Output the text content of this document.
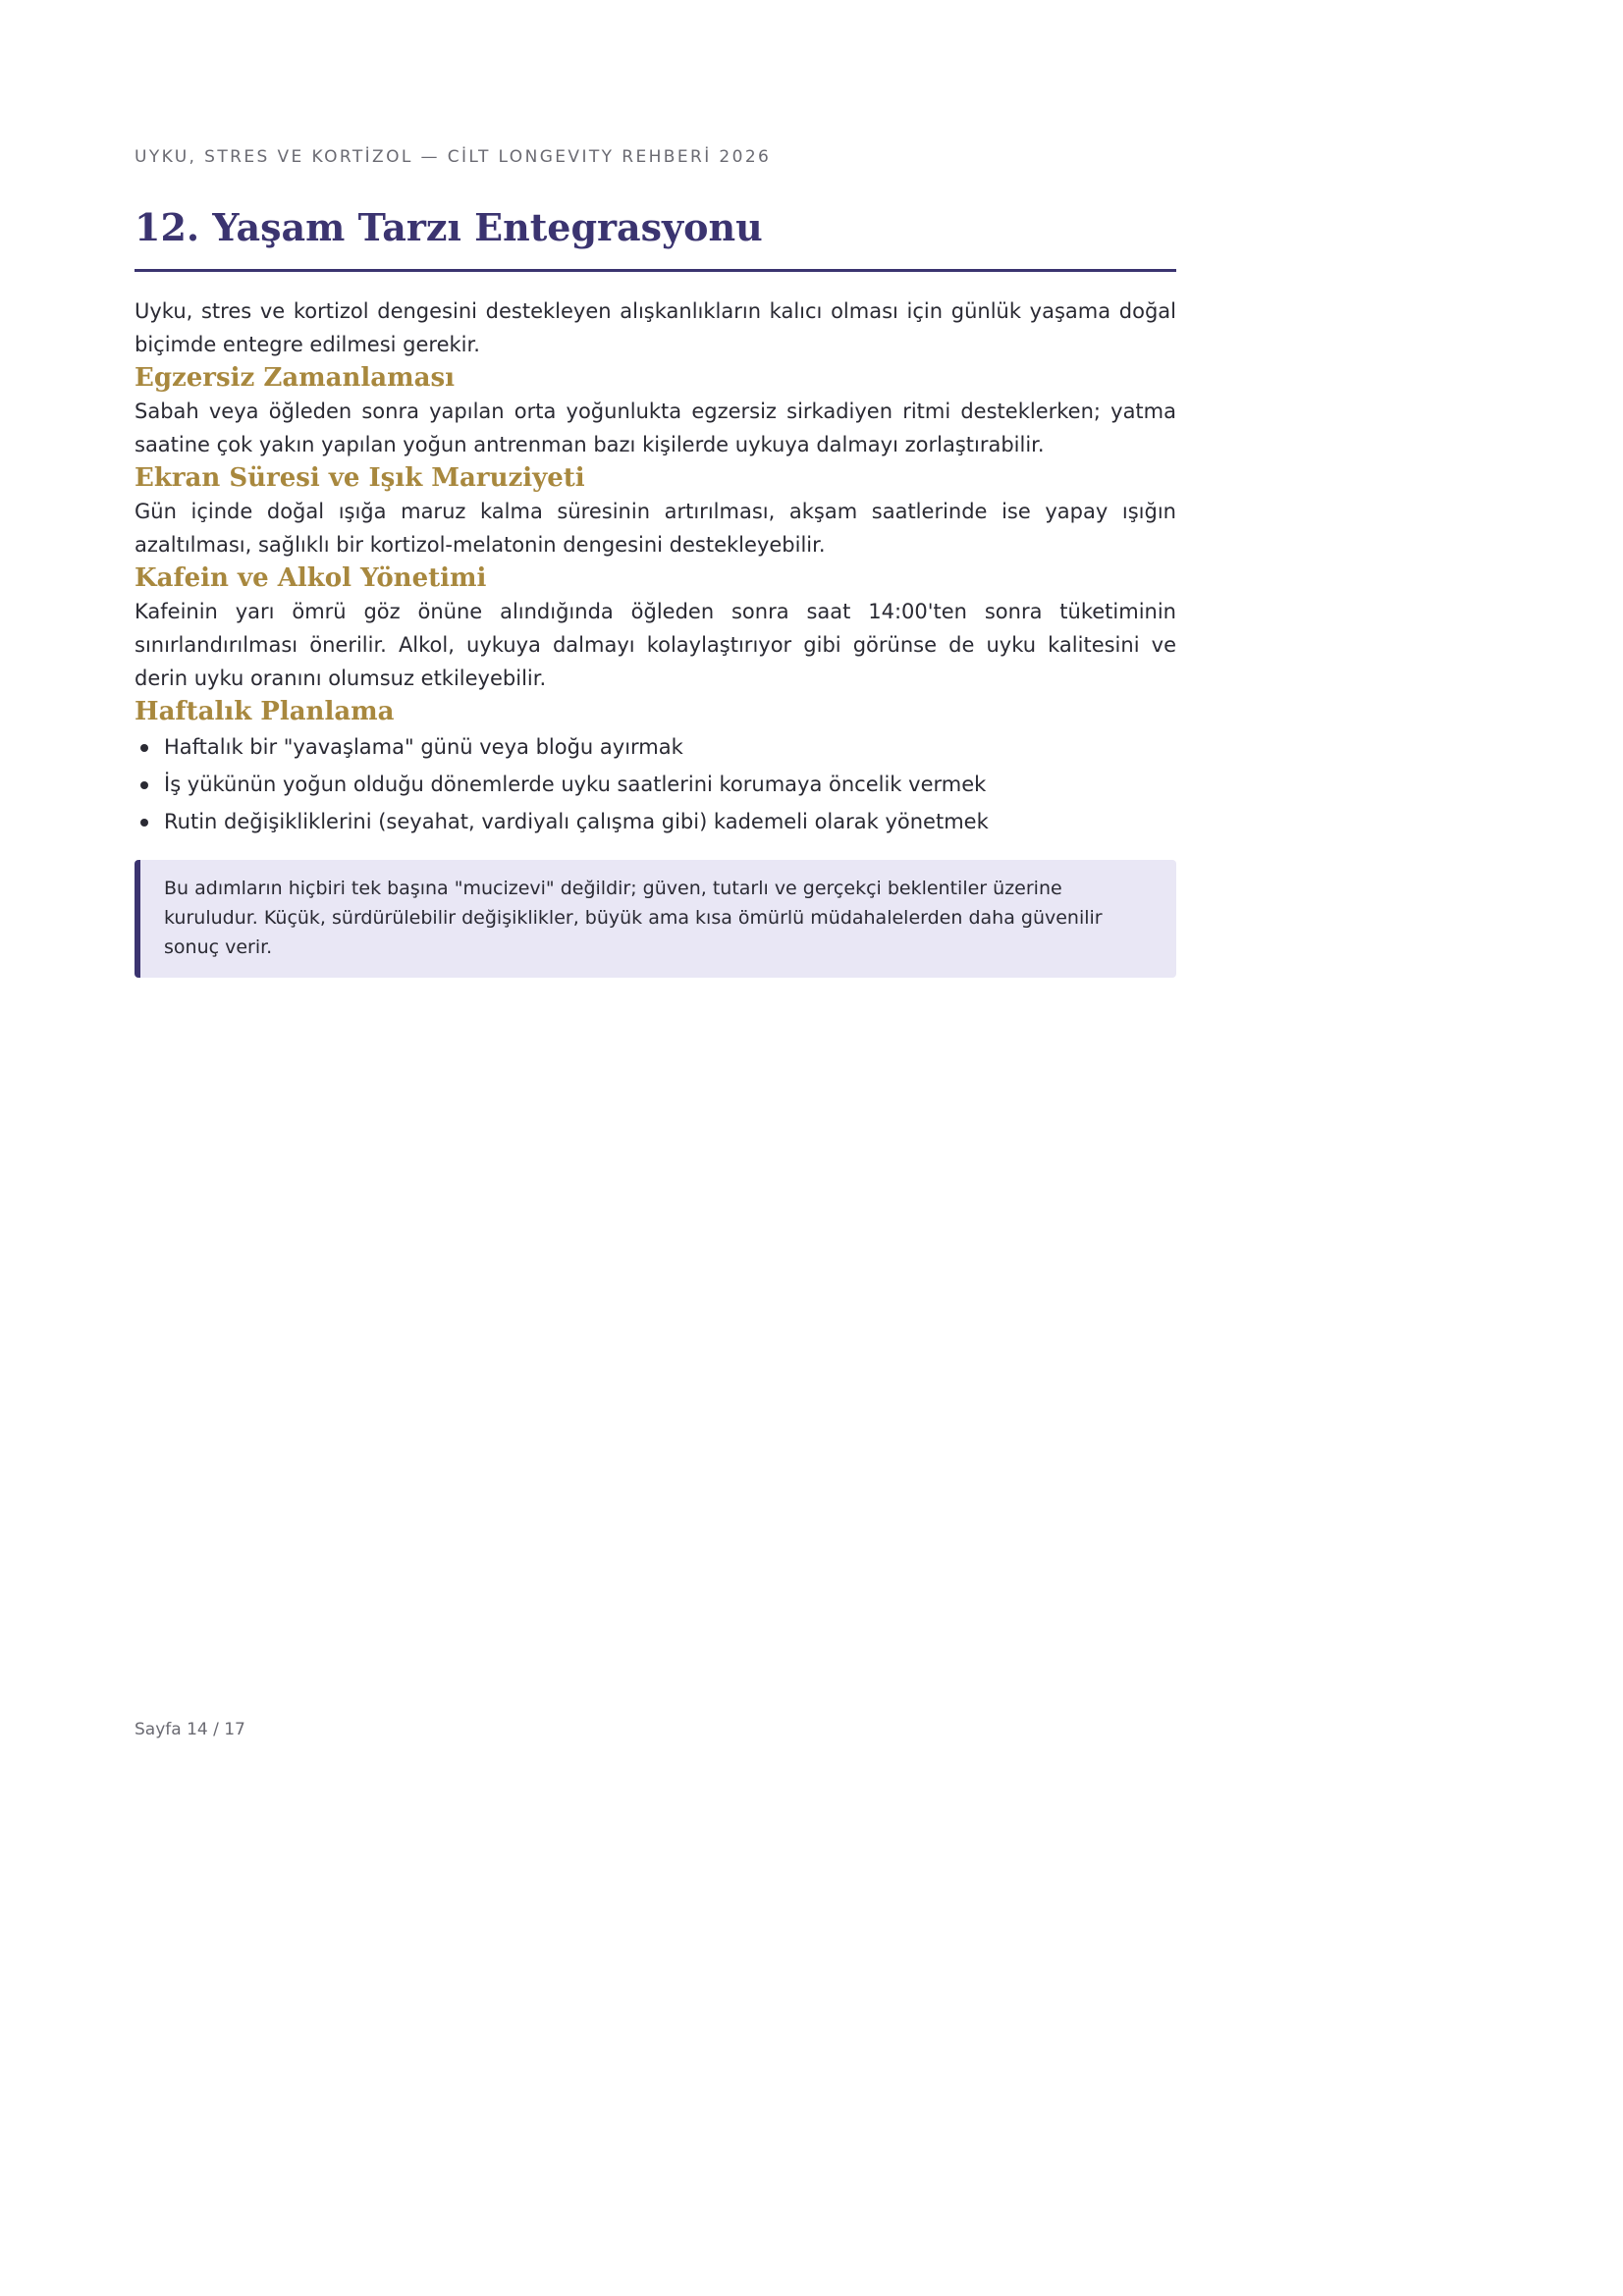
UYKU, STRES VE KORTİZOL — CİLT LONGEVITY REHBERİ 2026
12. Yaşam Tarzı Entegrasyonu

Uyku, stres ve kortizol dengesini destekleyen alışkanlıkların kalıcı olması için günlük yaşama doğal biçimde entegre edilmesi gerekir.

Egzersiz Zamanlaması

Sabah veya öğleden sonra yapılan orta yoğunlukta egzersiz sirkadiyen ritmi desteklerken; yatma saatine çok yakın yapılan yoğun antrenman bazı kişilerde uykuya dalmayı zorlaştırabilir.

Ekran Süresi ve Işık Maruziyeti

Gün içinde doğal ışığa maruz kalma süresinin artırılması, akşam saatlerinde ise yapay ışığın azaltılması, sağlıklı bir kortizol-melatonin dengesini destekleyebilir.

Kafein ve Alkol Yönetimi

Kafeinin yarı ömrü göz önüne alındığında öğleden sonra saat 14:00'ten sonra tüketiminin sınırlandırılması önerilir. Alkol, uykuya dalmayı kolaylaştırıyor gibi görünse de uyku kalitesini ve derin uyku oranını olumsuz etkileyebilir.

Haftalık Planlama
Haftalık bir "yavaşlama" günü veya bloğu ayırmak
İş yükünün yoğun olduğu dönemlerde uyku saatlerini korumaya öncelik vermek
Rutin değişikliklerini (seyahat, vardiyalı çalışma gibi) kademeli olarak yönetmek

Bu adımların hiçbiri tek başına "mucizevi" değildir; güven, tutarlı ve gerçekçi beklentiler üzerine kuruludur. Küçük, sürdürülebilir değişiklikler, büyük ama kısa ömürlü müdahalelerden daha güvenilir sonuç verir.

Sayfa 14 / 17
